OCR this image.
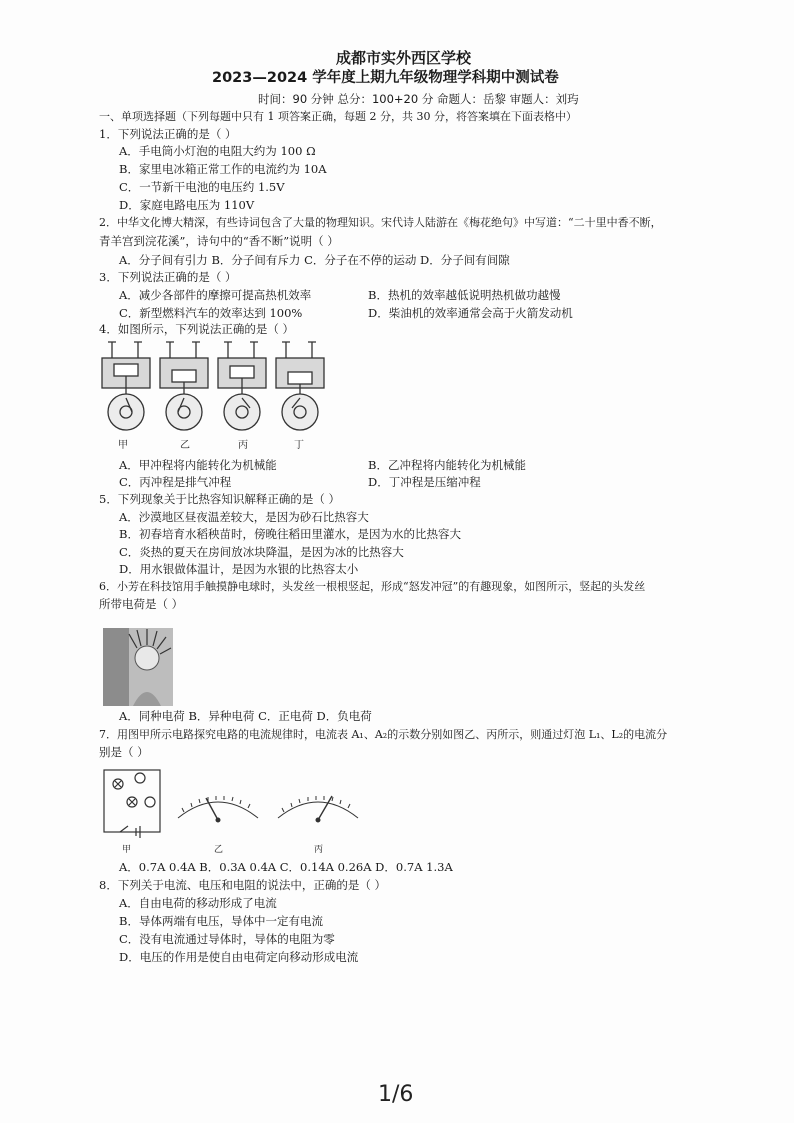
成都市实外西区学校
2023—2024 学年度上期九年级物理学科期中测试卷
时间：90 分钟 总分：100+20 分 命题人：岳黎 审题人：刘玙
一、单项选择题（下列每题中只有 1 项答案正确，每题 2 分，共 30 分，将答案填在下面表格中）
1．下列说法正确的是（ ）
A．手电筒小灯泡的电阻大约为 100 Ω
B．家里电冰箱正常工作的电流约为 10A
C．一节新干电池的电压约 1.5V
D．家庭电路电压为 110V
2．中华文化博大精深，有些诗词包含了大量的物理知识。宋代诗人陆游在《梅花绝句》中写道：“二十里中香不断，
青羊宫到浣花溪”，诗句中的“香不断”说明（ ）
A．分子间有引力 B．分子间有斥力 C．分子在不停的运动 D．分子间有间隙
3．下列说法正确的是（ ）
A．减少各部件的摩擦可提高热机效率	B．热机的效率越低说明热机做功越慢
C．新型燃料汽车的效率达到 100%	D．柴油机的效率通常会高于火箭发动机
4．如图所示，下列说法正确的是（ ）
甲	乙	丙	丁
A．甲冲程将内能转化为机械能	B．乙冲程将内能转化为机械能
C．丙冲程是排气冲程	D．丁冲程是压缩冲程
5．下列现象关于比热容知识解释正确的是（ ）
A．沙漠地区昼夜温差较大，是因为砂石比热容大
B．初春培育水稻秧苗时，傍晚往稻田里灌水，是因为水的比热容大
C．炎热的夏天在房间放冰块降温，是因为冰的比热容大
D．用水银做体温计，是因为水银的比热容太小
6．小芳在科技馆用手触摸静电球时，头发丝一根根竖起，形成“怒发冲冠”的有趣现象，如图所示，竖起的头发丝
所带电荷是（ ）
A．同种电荷 B．异种电荷 C．正电荷 D．负电荷
7．用图甲所示电路探究电路的电流规律时，电流表 A₁、A₂的示数分别如图乙、丙所示，则通过灯泡 L₁、L₂的电流分
别是（ ）
甲	乙	丙
A．0.7A 0.4A B．0.3A 0.4A C．0.14A 0.26A D．0.7A 1.3A
8．下列关于电流、电压和电阻的说法中，正确的是（ ）
A．自由电荷的移动形成了电流
B．导体两端有电压，导体中一定有电流
C．没有电流通过导体时，导体的电阻为零
D．电压的作用是使自由电荷定向移动形成电流
1/6
